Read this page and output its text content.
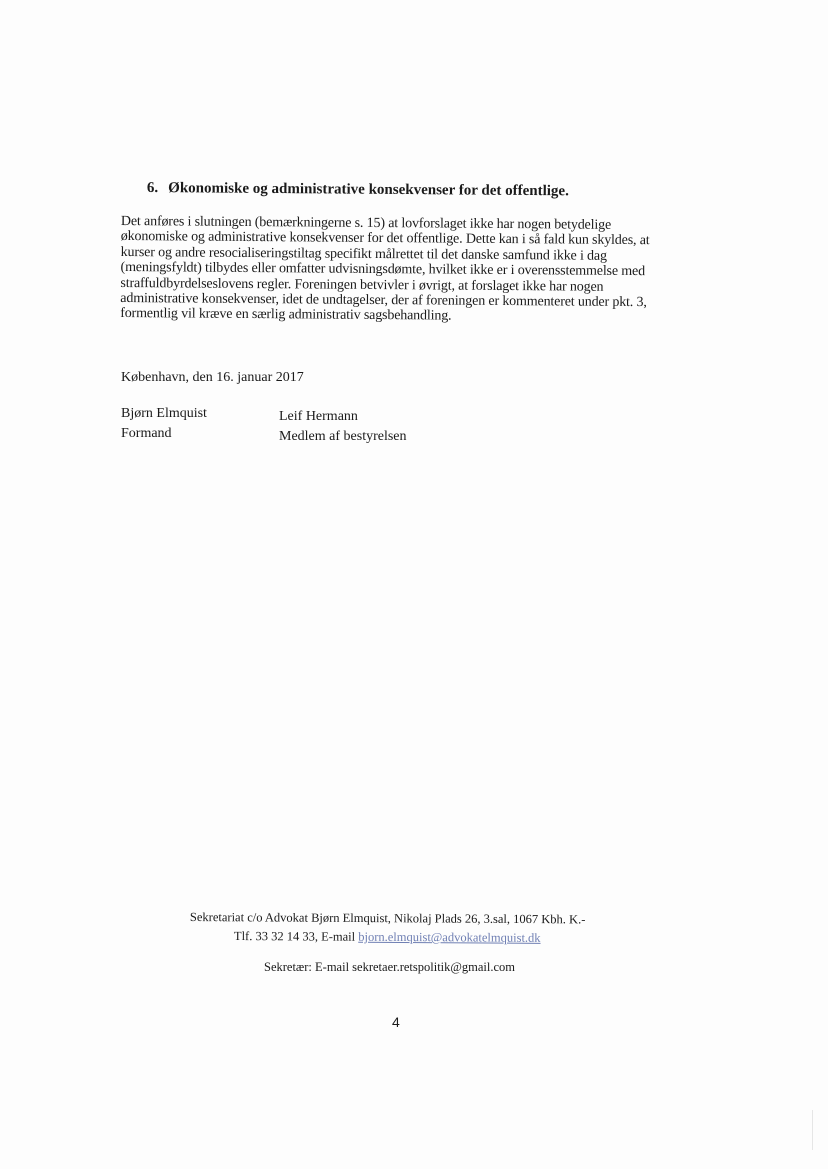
6. Økonomiske og administrative konsekvenser for det offentlige.
Det anføres i slutningen (bemærkningerne s. 15) at lovforslaget ikke har nogen betydelige
økonomiske og administrative konsekvenser for det offentlige. Dette kan i så fald kun skyldes, at
kurser og andre resocialiseringstiltag specifikt målrettet til det danske samfund ikke i dag
(meningsfyldt) tilbydes eller omfatter udvisningsdømte, hvilket ikke er i overensstemmelse med
straffuldbyrdelseslovens regler. Foreningen betvivler i øvrigt, at forslaget ikke har nogen
administrative konsekvenser, idet de undtagelser, der af foreningen er kommenteret under pkt. 3,
formentlig vil kræve en særlig administrativ sagsbehandling.
København, den 16. januar 2017
Bjørn Elmquist
Formand
Leif Hermann
Medlem af bestyrelsen
Sekretariat c/o Advokat Bjørn Elmquist, Nikolaj Plads 26, 3.sal, 1067 Kbh. K.-
Tlf. 33 32 14 33, E-mail bjorn.elmquist@advokatelmquist.dk
Sekretær: E-mail sekretaer.retspolitik@gmail.com
4
